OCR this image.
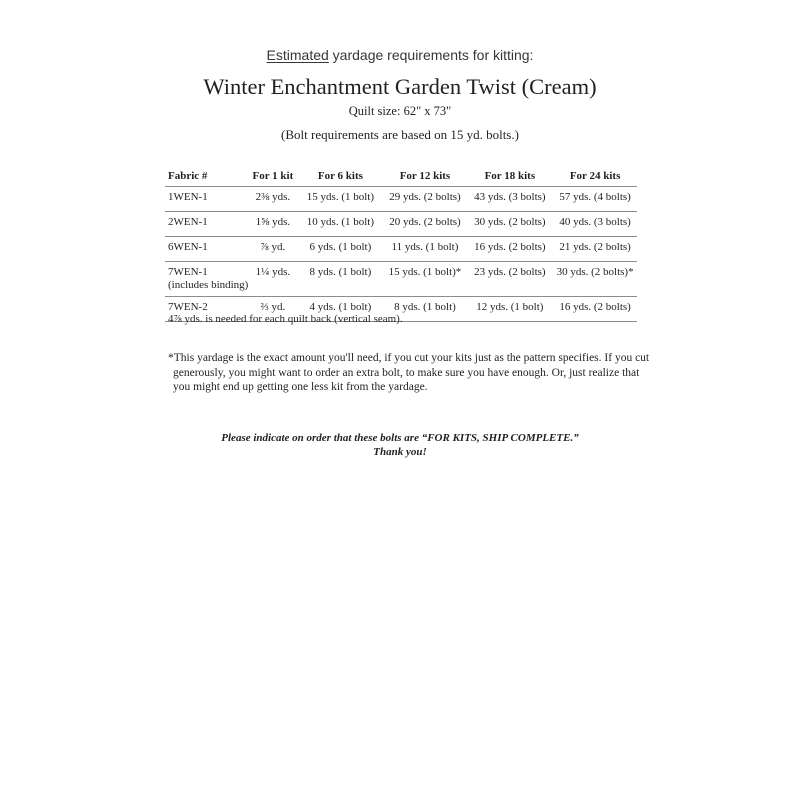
Estimated yardage requirements for kitting:
Winter Enchantment Garden Twist (Cream)
Quilt size: 62" x 73"
(Bolt requirements are based on 15 yd. bolts.)
Fabric #	For 1 kit	For 6 kits	For 12 kits	For 18 kits	For 24 kits
1WEN-1	2⅜ yds.	15 yds. (1 bolt)	29 yds. (2 bolts)	43 yds. (3 bolts)	57 yds. (4 bolts)
2WEN-1	1⅝ yds.	10 yds. (1 bolt)	20 yds. (2 bolts)	30 yds. (2 bolts)	40 yds. (3 bolts)
6WEN-1	⅞ yd.	6 yds. (1 bolt)	11 yds. (1 bolt)	16 yds. (2 bolts)	21 yds. (2 bolts)

7WEN-1
(includes binding)	1¼ yds.	8 yds. (1 bolt)	15 yds. (1 bolt)*	23 yds. (2 bolts)	30 yds. (2 bolts)*
7WEN-2	⅔ yd.	4 yds. (1 bolt)	8 yds. (1 bolt)	12 yds. (1 bolt)	16 yds. (2 bolts)
4⅞ yds. is needed for each quilt back (vertical seam).
*This yardage is the exact amount you'll need, if you cut your kits just as the pattern specifies. If you cut
generously, you might want to order an extra bolt, to make sure you have enough. Or, just realize that
you might end up getting one less kit from the yardage.
Please indicate on order that these bolts are “FOR KITS, SHIP COMPLETE.”
Thank you!
